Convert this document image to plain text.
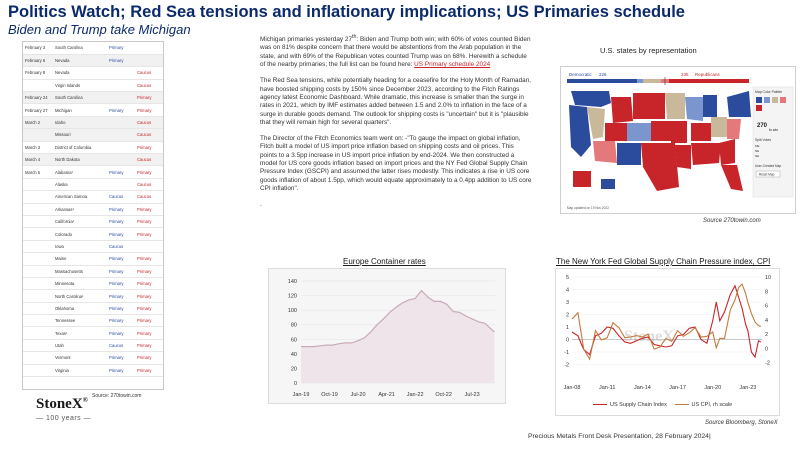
Politics Watch; Red Sea tensions and inflationary implications; US Primaries schedule
Biden and Trump take Michigan
February 3	South Carolina	Primary	
February 6	Nevada	Primary	
February 8	Nevada		Caucus
	Virgin Islands		Caucus
February 24	South Carolina		Primary
February 27	Michigan	Primary	Primary
March 2	Idaho		Caucus
	Missouri		Caucus
March 3	District of Columbia		Primary
March 4	North Dakota		Caucus
March 5	Alabama¹	Primary	Primary
	Alaska		Caucus
	American Samoa	Caucus	Caucus
	Arkansas¹	Primary	Primary
	California¹	Primary	Primary
	Colorado	Primary	Primary
	Iowa	Caucus	
	Maine	Primary	Primary
	Massachusetts	Primary	Primary
	Minnesota	Primary	Primary
	North Carolina¹	Primary	Primary
	Oklahoma	Primary	Primary
	Tennessee	Primary	Primary
	Texas¹	Primary	Primary
	Utah	Caucus	Primary
	Vermont	Primary	Primary
	Virginia	Primary	Primary
Source: 270towin.com
StoneX®
— 100 years —

Michigan primaries yesterday 27th: Biden and Trump both win; with 60% of votes counted Biden was on 81% despite concern that there would be abstentions from the Arab population in the state, and with 69% of the Republican votes counted Trump was on 68%. Herewith a schedule of the nearby primaries; the full list can be found here: US Primary schedule 2024

The Red Sea tensions, while potentially heading for a ceasefire for the Holy Month of Ramadan, have boosted shipping costs by 150% since December 2023, according to the Fitch Ratings agency latest Economic Dashboard. While dramatic, this increase is smaller than the surge in rates in 2021, which by IMF estimates added between 1.5 and 2.0% to inflation in the face of a surge in durable goods demand. The outlook for shipping costs is "uncertain" but it is "plausible that they will remain high for several quarters".

The Director of the Fitch Economics team went on: -"To gauge the impact on global inflation, Fitch built a model of US import price inflation based on shipping costs and oil prices. This points to a 3.5pp increase in US import price inflation by end-2024. We then constructed a model for US core goods inflation based on import prices and the NY Fed Global Supply Chain Pressure Index (GSCPI) and assumed the latter rises modestly. This indicates a rise in US core goods inflation of about 1.5pp, which would equate approximately to a 0.4pp addition to US core CPI inflation".

.

U.S. states by representation
Democratic 226	235 Republicans
Map Color Palette
270
to win
Split Votes
ME
NE
NE
User-Created Map
Reset Map
Map updated on 19 Nov 2022
Source 270towin.com
Europe Container rates
0
20
40
60
80
100
120
140
Jan-19 Oct-19 Jul-20 Apr-21 Jan-22 Oct-22 Jul-23
The New York Fed Global Supply Chain Pressure index, CPI
StoneX
-2
-1
0
1
2
3
4
5
-2
0
2
4
6
8
10
Jan-08	Jan-11	Jan-14	Jan-17	Jan-20	Jan-23
US Supply Chain Index	US CPI, rh scale
Source Bloomberg, StoneX
Precious Metals Front Desk Presentation, 28 February 2024|
